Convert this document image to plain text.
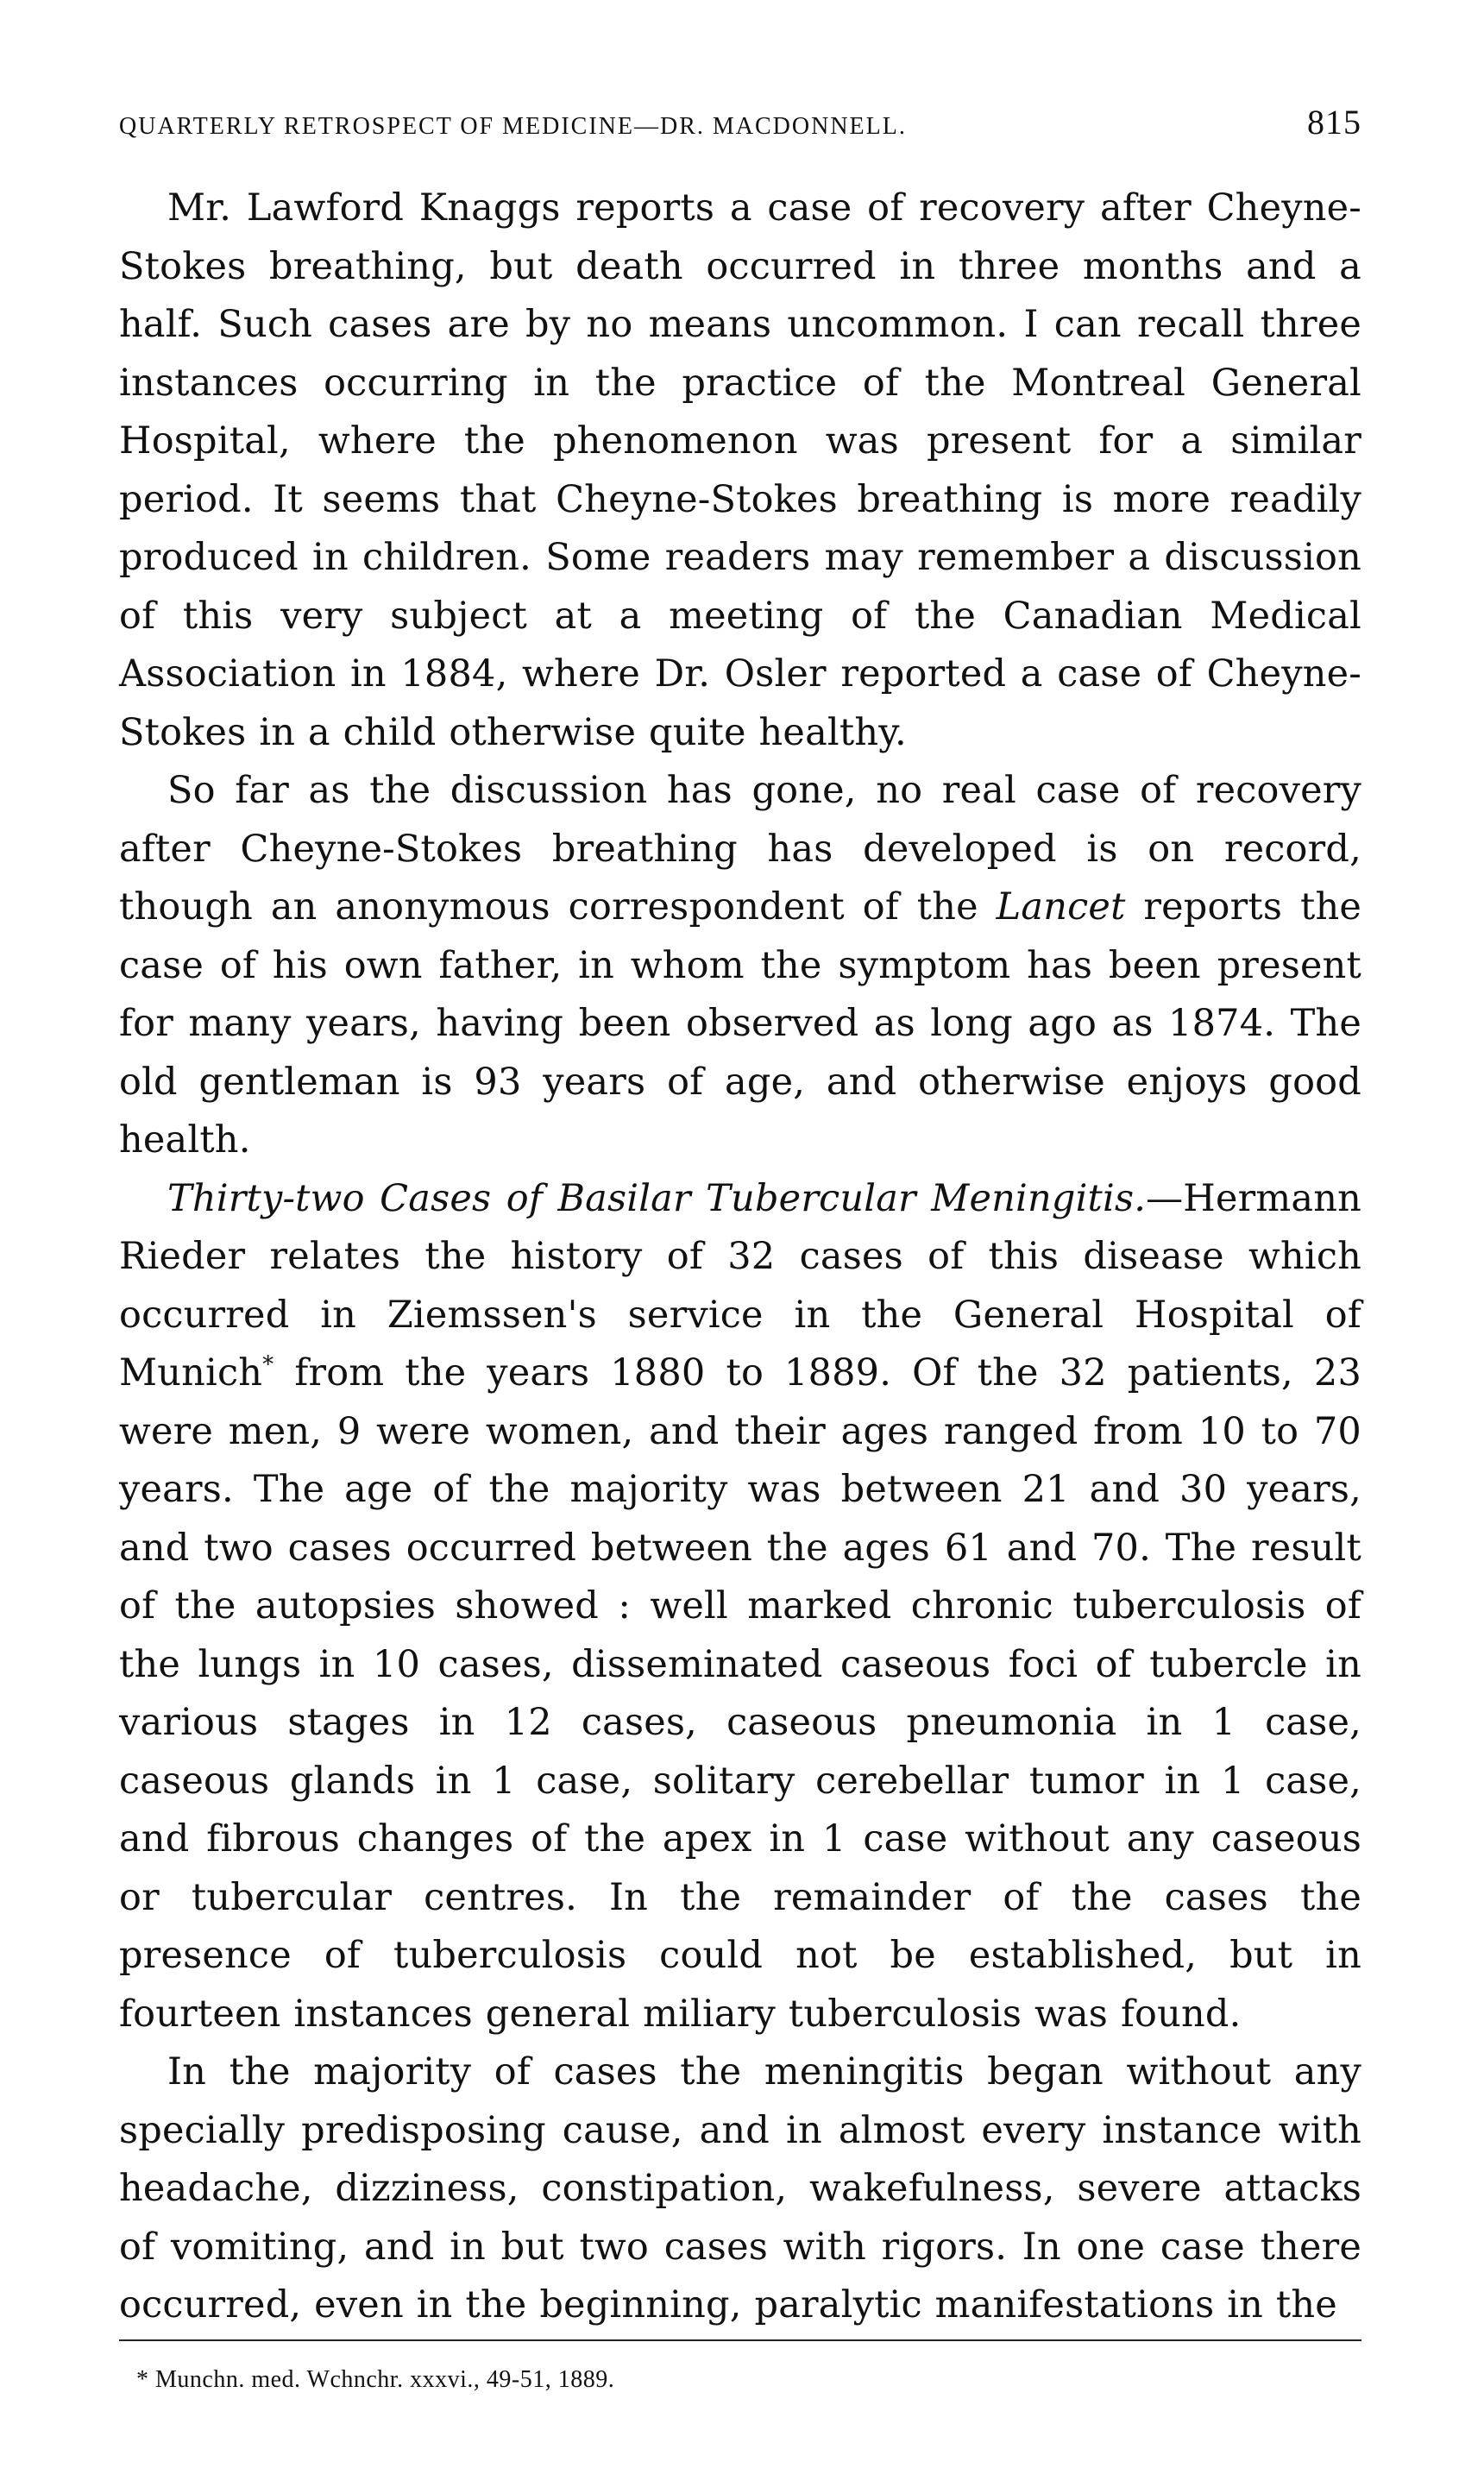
QUARTERLY RETROSPECT OF MEDICINE—DR. MACDONNELL.	815

Mr. Lawford Knaggs reports a case of recovery after Cheyne-Stokes breathing, but death occurred in three months and a half. Such cases are by no means uncommon. I can recall three instances occurring in the practice of the Montreal General Hospital, where the phenomenon was present for a similar period. It seems that Cheyne-Stokes breathing is more readily produced in children. Some readers may remember a discussion of this very subject at a meeting of the Canadian Medical Association in 1884, where Dr. Osler reported a case of Cheyne-Stokes in a child otherwise quite healthy.

So far as the discussion has gone, no real case of recovery after Cheyne-Stokes breathing has developed is on record, though an anonymous correspondent of the Lancet reports the case of his own father, in whom the symptom has been present for many years, having been observed as long ago as 1874. The old gentleman is 93 years of age, and otherwise enjoys good health.

Thirty-two Cases of Basilar Tubercular Meningitis.—Hermann Rieder relates the history of 32 cases of this disease which occurred in Ziemssen's service in the General Hospital of Munich* from the years 1880 to 1889. Of the 32 patients, 23 were men, 9 were women, and their ages ranged from 10 to 70 years. The age of the majority was between 21 and 30 years, and two cases occurred between the ages 61 and 70. The result of the autopsies showed : well marked chronic tuberculosis of the lungs in 10 cases, disseminated caseous foci of tubercle in various stages in 12 cases, caseous pneumonia in 1 case, caseous glands in 1 case, solitary cerebellar tumor in 1 case, and fibrous changes of the apex in 1 case without any caseous or tubercular centres. In the remainder of the cases the presence of tuberculosis could not be established, but in fourteen instances general miliary tuberculosis was found.

In the majority of cases the meningitis began without any specially predisposing cause, and in almost every instance with headache, dizziness, constipation, wakefulness, severe attacks of vomiting, and in but two cases with rigors. In one case there occurred, even in the beginning, paralytic manifestations in the

* Munchn. med. Wchnchr. xxxvi., 49-51, 1889.
